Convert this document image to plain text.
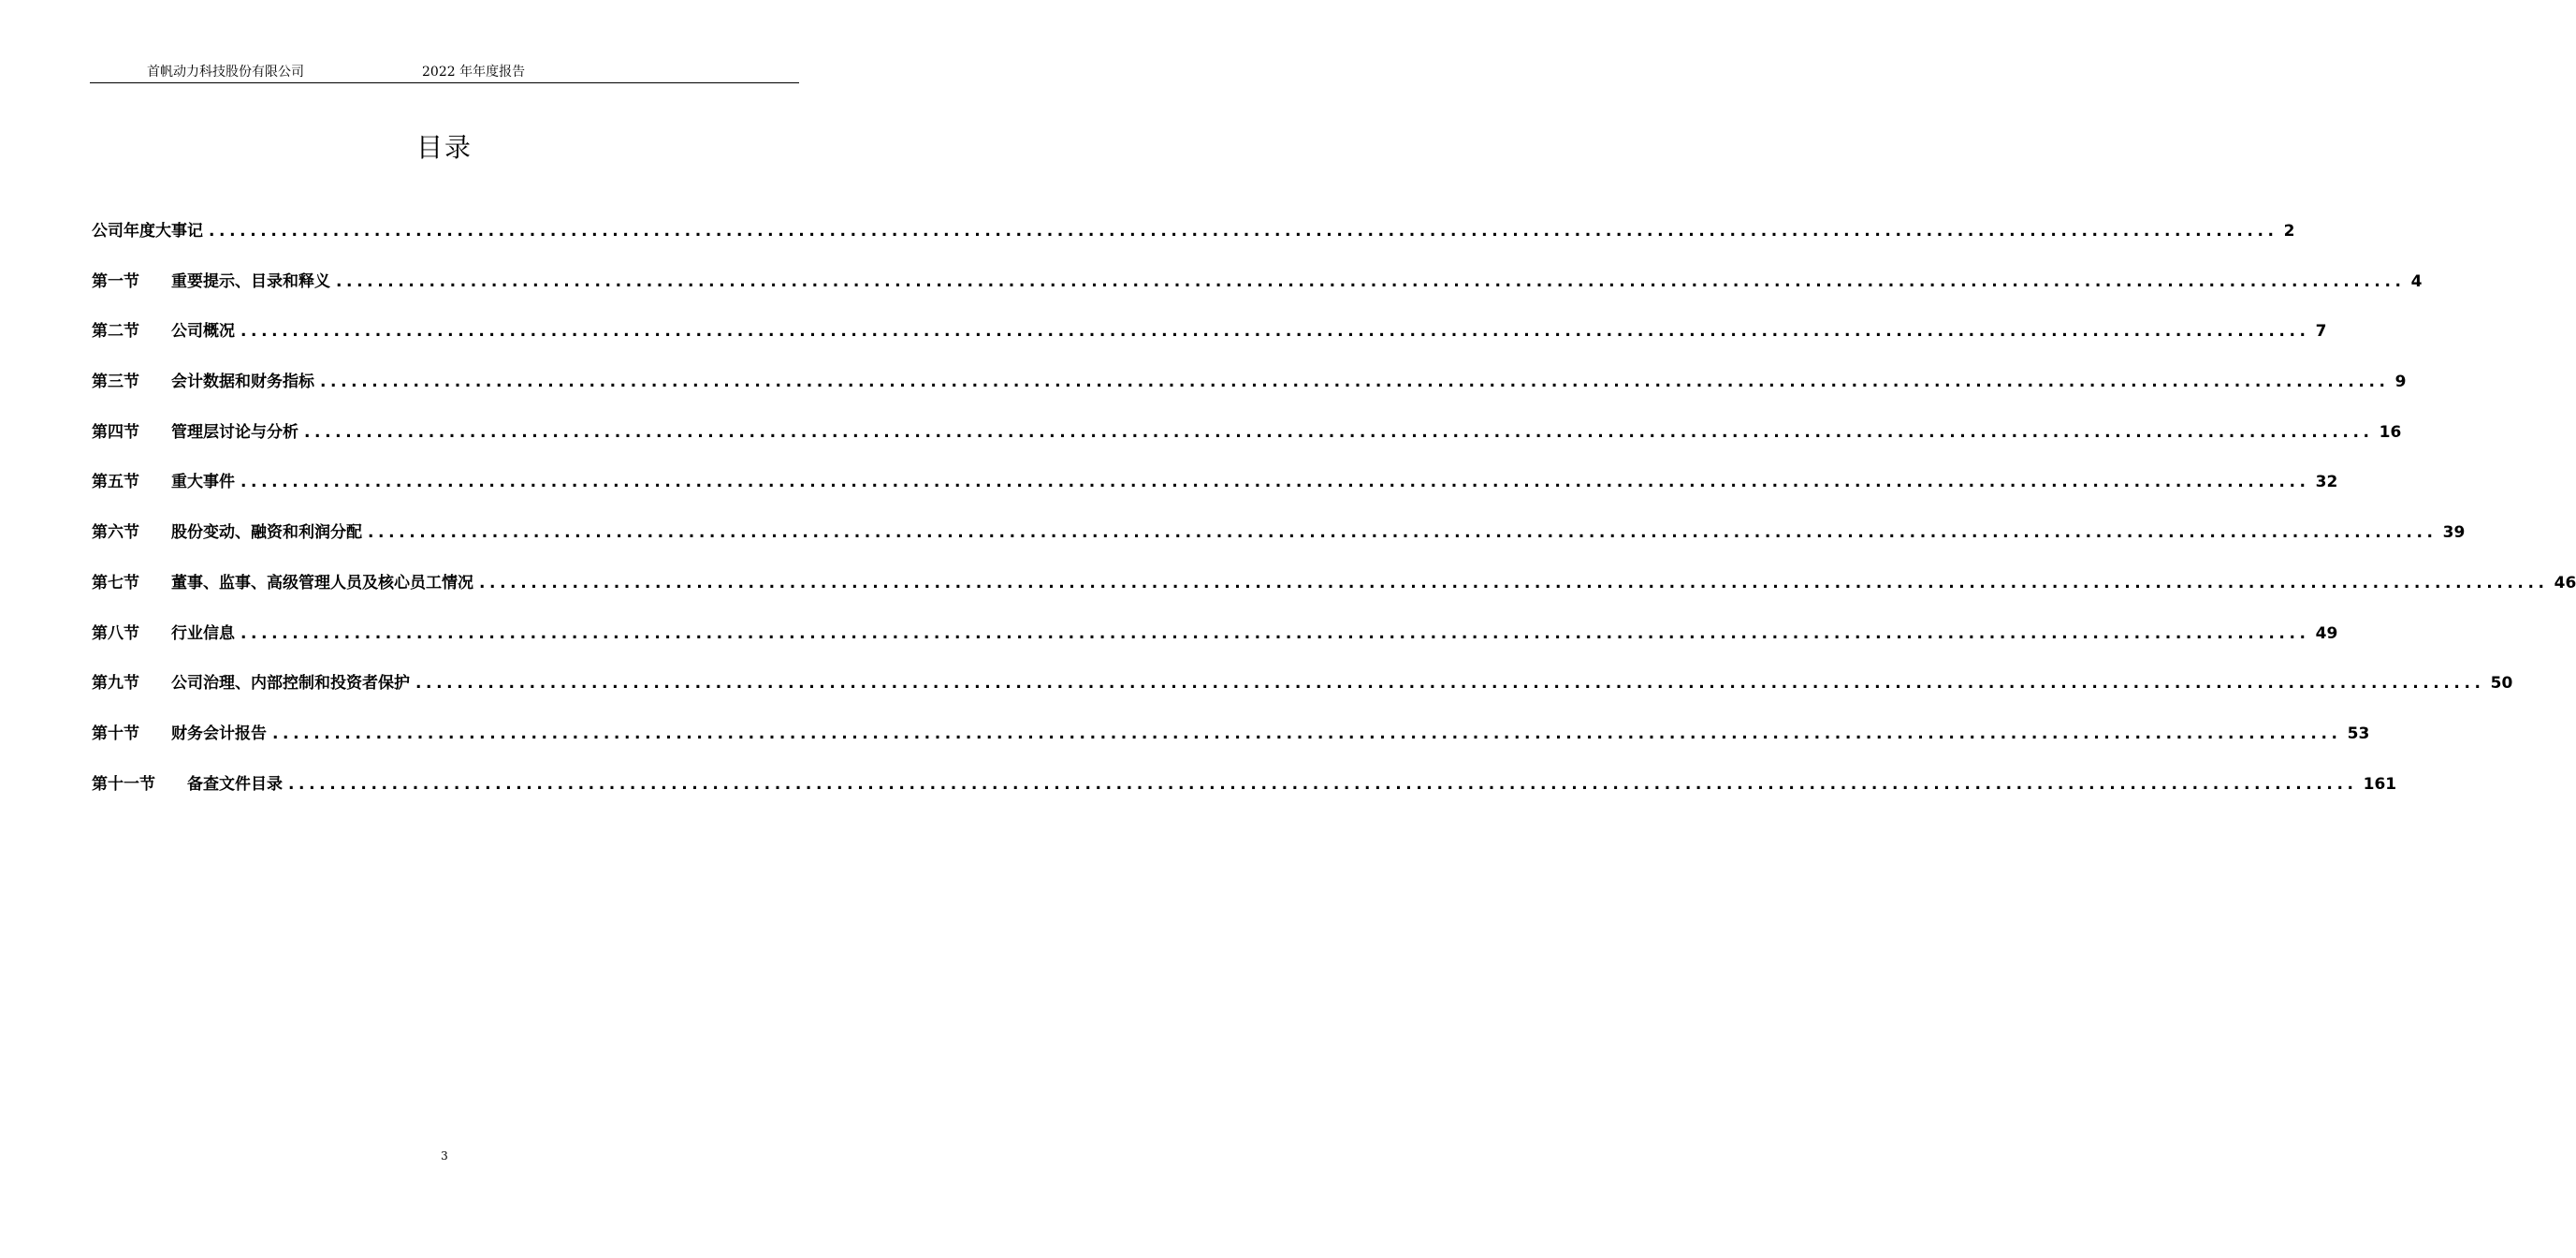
首帆动力科技股份有限公司	2022 年年度报告
目录
公司年度大事记 ........................................................................................................................................................................................................ 2
第一节	重要提示、目录和释义 ........................................................................................................................................................................................................ 4
第二节	公司概况 ........................................................................................................................................................................................................ 7
第三节	会计数据和财务指标 ........................................................................................................................................................................................................ 9
第四节	管理层讨论与分析 ........................................................................................................................................................................................................ 16
第五节	重大事件 ........................................................................................................................................................................................................ 32
第六节	股份变动、融资和利润分配 ........................................................................................................................................................................................................ 39
第七节	董事、监事、高级管理人员及核心员工情况 ........................................................................................................................................................................................................ 46
第八节	行业信息 ........................................................................................................................................................................................................ 49
第九节	公司治理、内部控制和投资者保护 ........................................................................................................................................................................................................ 50
第十节	财务会计报告 ........................................................................................................................................................................................................ 53
第十一节	备查文件目录 ........................................................................................................................................................................................................ 161
3
